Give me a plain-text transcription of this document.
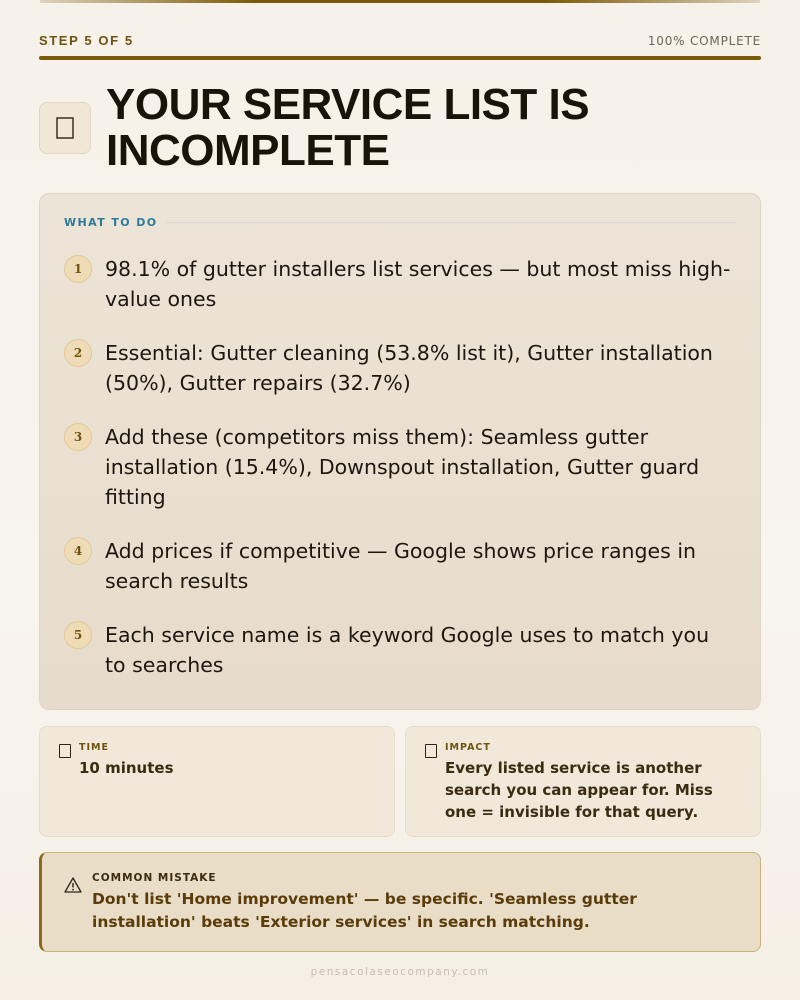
STEP 5 OF 5	100% COMPLETE
YOUR SERVICE LIST IS INCOMPLETE
WHAT TO DO
1	98.1% of gutter installers list services — but most miss high-value ones
2	Essential: Gutter cleaning (53.8% list it), Gutter installation (50%), Gutter repairs (32.7%)
3	Add these (competitors miss them): Seamless gutter installation (15.4%), Downspout installation, Gutter guard fitting
4	Add prices if competitive — Google shows price ranges in search results
5	Each service name is a keyword Google uses to match you to searches
TIME
10 minutes
IMPACT
Every listed service is another search you can appear for. Miss one = invisible for that query.
COMMON MISTAKE
Don't list 'Home improvement' — be specific. 'Seamless gutter installation' beats 'Exterior services' in search matching.
pensacolaseocompany.com
